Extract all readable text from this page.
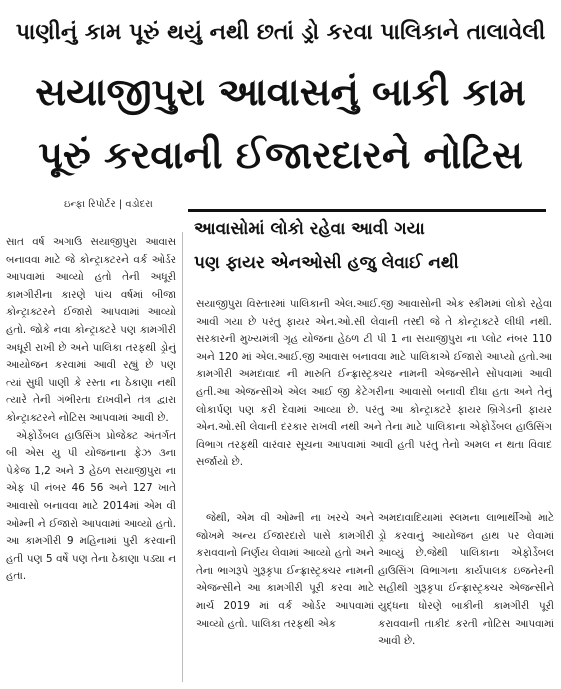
પાણીનું કામ પૂરું થયું નથી છતાં ડ્રો કરવા પાલિકાને તાલાવેલી
સયાજીપુરા આવાસનું બાકી કામ
પૂરું કરવાની ઈજારદારને નોટિસ
ઇન્ફા રિપોર્ટર | વડોદરા
આવાસોમાં લોકો રહેવા આવી ગયા
પણ ફાયર એનઓસી હજુ લેવાઈ નથી

સાત વર્ષ અગાઉ સયાજીપુરા આવાસ બનાવવા માટે જે કોન્ટ્રાક્ટરને વર્ક ઓર્ડર આપવામાં આવ્યો હતો તેની અધૂરી કામગીરીના કારણે પાંચ વર્ષમાં બીજા કોન્ટ્રાક્ટરને ઈજારો આપવામાં આવ્યો હતો. જોકે નવા કોન્ટ્રાક્ટરે પણ કામગીરી અધૂરી રાખી છે અને પાલિકા તરફથી ડ્રોનું આયોજન કરવામાં આવી રહ્યું છે પણ ત્યાં સુધી પાણી કે રસ્તા ના ઠેકાણા નથી ત્યારે તેની ગંભીરતા દાખવીને તંત્ર દ્વારા કોન્ટ્રાક્ટરને નોટિસ આપવામાં આવી છે.

એફોર્ડેબલ હાઉસિંગ પ્રોજેક્ટ અંતર્ગત બી એસ યુ પી યોજનાના ફેઝ ૩ના પેકેજ 1,2 અને 3 હેઠળ સયાજીપુરા ના એફ પી નંબર 46 56 અને 127 ખાતે આવાસો બનાવવા માટે 2014માં એમ વી ઓમ્ની ને ઈજારો આપવામાં આવ્યો હતો. આ કામગીરી 9 મહિનામાં પુરી કરવાની હતી પણ 5 વર્ષે પણ તેના ઠેકાણા પડ્યા ન હતા.

સયાજીપુરા વિસ્તારમાં પાલિકાની એલ.આઈ.જી આવાસોની એક સ્કીમમાં લોકો રહેવા આવી ગયા છે પરંતુ ફાયર એન.ઓ.સી લેવાની તસ્દી જે તે કોન્ટ્રાક્ટરે લીધી નથી. સરકારની મુખ્યમંત્રી ગૃહ યોજના હેઠળ ટી પી 1 ના સયાજીપુરા ના પ્લોટ નંબર 110 અને 120 માં એલ.આઈ.જી આવાસ બનાવવા માટે પાલિકાએ ઈજારો આપ્યો હતો.આ કામગીરી અમદાવાદ ની મારુતિ ઈન્ફ્રાસ્ટ્રક્ચર નામની એજન્સીને સોંપવામાં આવી હતી.આ એજન્સીએ એલ આઈ જી કેટેગરીના આવાસો બનાવી દીધા હતા અને તેનું લોકાર્પણ પણ કરી દેવામાં આવ્યા છે. પરંતુ આ કોન્ટ્રાક્ટરે ફાયર બ્રિગેડની ફાયર એન.ઓ.સી લેવાની દરકાર રાખવી નથી અને તેના માટે પાલિકાના એફોર્ડેબલ હાઉસિંગ વિભાગ તરફથી વારંવાર સૂચના આપવામાં આવી હતી પરંતુ તેનો અમલ ન થતા વિવાદ સર્જાયો છે.

જેથી, એમ વી ઓમ્ની ના ખરચે અને જોખમે અન્ય ઈજારદારો પાસે કામગીરી કરાવવાનો નિર્ણય લેવામાં આવ્યો હતો અને તેના ભાગરૂપે ગુરૂકૃપા ઈન્ફ્રાસ્ટ્રક્ચર નામની એજન્સીને આ કામગીરી પૂરી કરવા માટે માર્ચ 2019 માં વર્ક ઓર્ડર આપવામાં આવ્યો હતો. પાલિકા તરફથી એક

અમદાવાદિયામાં સ્લમના લાભાર્થીઓ માટે ડ્રો કરવાનું આયોજન હાથ પર લેવામાં આવ્યું છે.જેથી પાલિકાના એફોર્ડેબલ હાઉસિંગ વિભાગના કાર્યપાલક ઇજનેરની સહીથી ગુરૂકૃપા ઈન્ફ્રાસ્ટ્રક્ચર એજન્સીને યુદ્ધના ધોરણે બાકીની કામગીરી પૂરી કરાવવાની તાકીદ કરતી નોટિસ આપવામાં આવી છે.
